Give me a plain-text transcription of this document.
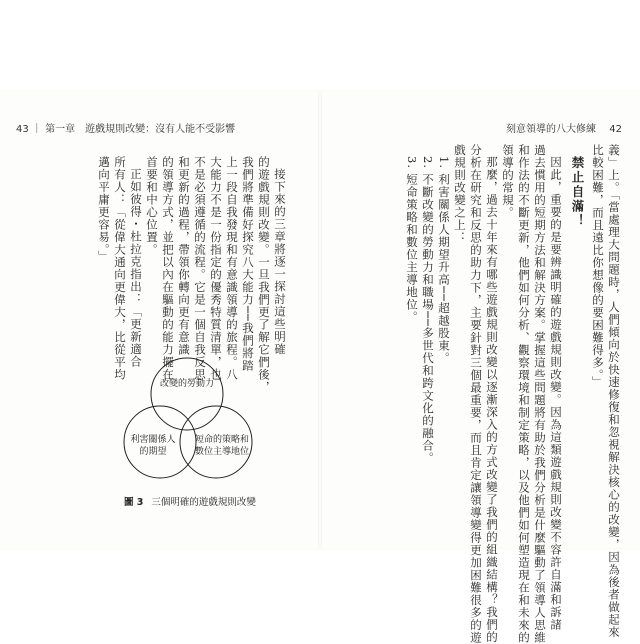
43 ｜ 第一章　遊戲規則改變：沒有人能不受影響
接下來的三章將逐一探討這些明確
的遊戲規則改變。一旦我們更了解它們後，
我們將準備好探究八大能力──我們將踏
上一段自我發現和有意識領導的旅程。八
大能力不是一份指定的優秀特質清單，也
不是必須遵循的流程。它是一個自我反思
和更新的過程，帶領你轉向更有意識
的領導方式，並把以內在驅動的能力擺在
首要和中心位置。
正如彼得・杜拉克指出：「更新適合
所有人：「從偉大通向更偉大，比從平均
邁向平庸更容易。」
改變的勞動力
利害關係人
的期望
短命的策略和
數位主導地位
圖 3 三個明確的遊戲規則改變
刻意領導的八大修練 42
義」上。「當處理大問題時，人們傾向於快速修復和忽視解決核心的改變，因為後者做起來
比較困難，而且遠比你想像的要困難得多。」
禁止自滿！
因此，重要的是要辨識明確的遊戲規則改變。因為這類遊戲規則改變不容許自滿和訴諸
過去慣用的短期方法和解決方案。掌握這些問題將有助於我們分析是什麼驅動了領導人思維
和作法的不斷更新，他們如何分析、觀察環境和制定策略，以及他們如何塑造現在和未來的
領導的常規。
那麼，過去十年來有哪些遊戲規則改變以逐漸深入的方式改變了我們的組織結構？我們的
分析在研究和反思的助力下，主要針對三個最重要，而且肯定讓領導變得更加困難很多的遊
戲規則改變之上：
1. 利害關係人期望升高──超越股東。
2. 不斷改變的勞動力和職場──多世代和跨文化的融合。
3. 短命策略和數位主導地位。
